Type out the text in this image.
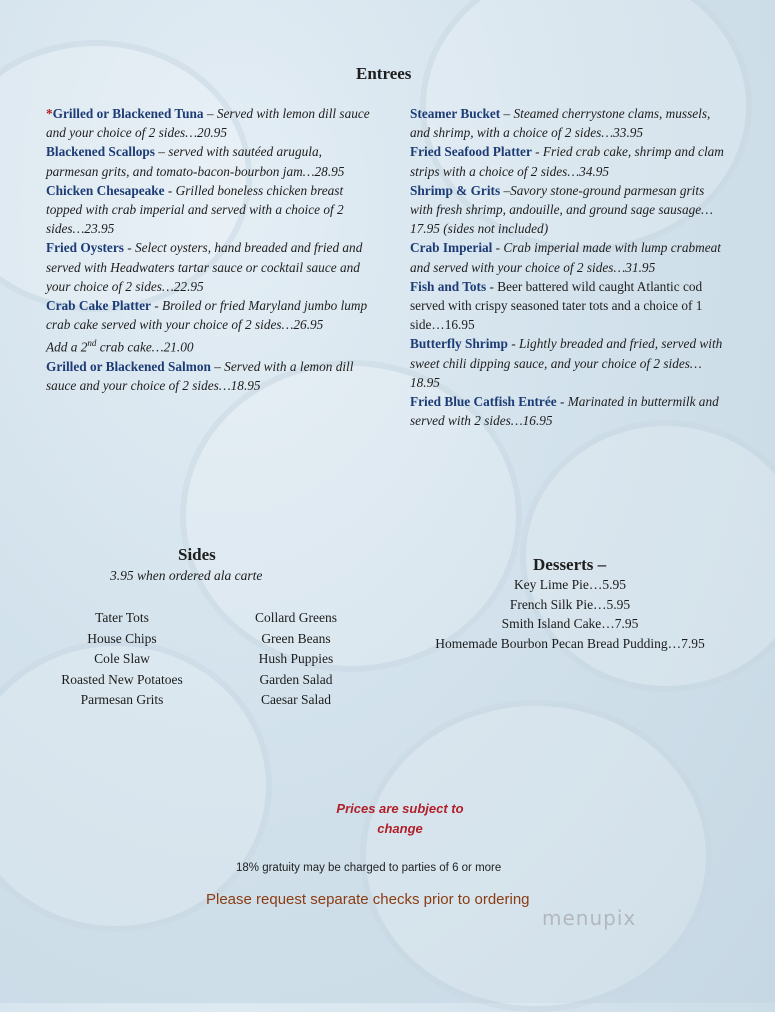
Entrees

*Grilled or Blackened Tuna – Served with lemon dill sauce and your choice of 2 sides…20.95

Blackened Scallops – served with sautéed arugula, parmesan grits, and tomato-bacon-bourbon jam…28.95

Chicken Chesapeake - Grilled boneless chicken breast topped with crab imperial and served with a choice of 2 sides…23.95

Fried Oysters - Select oysters, hand breaded and fried and served with Headwaters tartar sauce or cocktail sauce and your choice of 2 sides…22.95

Crab Cake Platter - Broiled or fried Maryland jumbo lump crab cake served with your choice of 2 sides…26.95

Add a 2nd crab cake…21.00

Grilled or Blackened Salmon – Served with a lemon dill sauce and your choice of 2 sides…18.95

Steamer Bucket – Steamed cherrystone clams, mussels, and shrimp, with a choice of 2 sides…33.95

Fried Seafood Platter - Fried crab cake, shrimp and clam strips with a choice of 2 sides…34.95

Shrimp & Grits –Savory stone-ground parmesan grits with fresh shrimp, andouille, and ground sage sausage…17.95 (sides not included)

Crab Imperial - Crab imperial made with lump crabmeat and served with your choice of 2 sides…31.95

Fish and Tots - Beer battered wild caught Atlantic cod served with crispy seasoned tater tots and a choice of 1 side…16.95

Butterfly Shrimp - Lightly breaded and fried, served with sweet chili dipping sauce, and your choice of 2 sides…18.95

Fried Blue Catfish Entrée - Marinated in buttermilk and served with 2 sides…16.95

Sides
3.95 when ordered ala carte
Tater Tots
House Chips
Cole Slaw
Roasted New Potatoes
Parmesan Grits
Collard Greens
Green Beans
Hush Puppies
Garden Salad
Caesar Salad
Desserts –
Key Lime Pie…5.95
French Silk Pie…5.95
Smith Island Cake…7.95
Homemade Bourbon Pecan Bread Pudding…7.95
Prices are subject to
change
18% gratuity may be charged to parties of 6 or more
Please request separate checks prior to ordering
menupix
